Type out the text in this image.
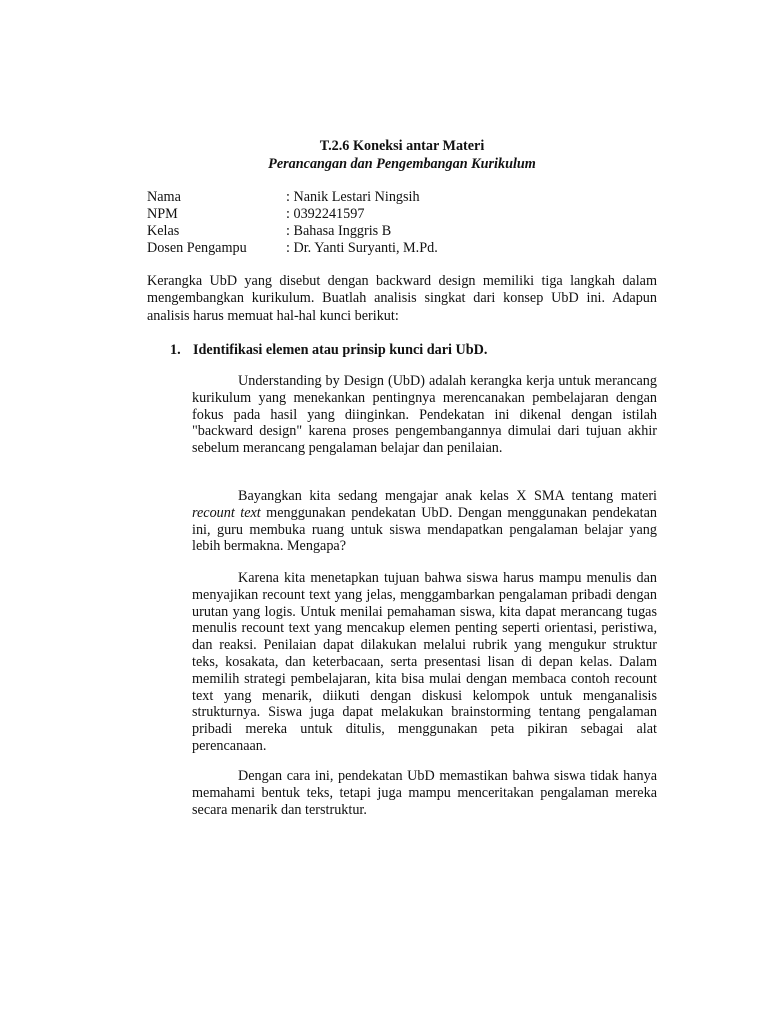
T.2.6 Koneksi antar Materi
Perancangan dan Pengembangan Kurikulum
Nama	: Nanik Lestari Ningsih
NPM	: 0392241597
Kelas	: Bahasa Inggris B
Dosen Pengampu	: Dr. Yanti Suryanti, M.Pd.
Kerangka UbD yang disebut dengan backward design memiliki tiga langkah dalam mengembangkan kurikulum. Buatlah analisis singkat dari konsep UbD ini. Adapun analisis harus memuat hal-hal kunci berikut:
1. Identifikasi elemen atau prinsip kunci dari UbD.

Understanding by Design (UbD) adalah kerangka kerja untuk merancang kurikulum yang menekankan pentingnya merencanakan pembelajaran dengan fokus pada hasil yang diinginkan. Pendekatan ini dikenal dengan istilah "backward design" karena proses pengembangannya dimulai dari tujuan akhir sebelum merancang pengalaman belajar dan penilaian.

Bayangkan kita sedang mengajar anak kelas X SMA tentang materi recount text menggunakan pendekatan UbD. Dengan menggunakan pendekatan ini, guru membuka ruang untuk siswa mendapatkan pengalaman belajar yang lebih bermakna. Mengapa?

Karena kita menetapkan tujuan bahwa siswa harus mampu menulis dan menyajikan recount text yang jelas, menggambarkan pengalaman pribadi dengan urutan yang logis. Untuk menilai pemahaman siswa, kita dapat merancang tugas menulis recount text yang mencakup elemen penting seperti orientasi, peristiwa, dan reaksi. Penilaian dapat dilakukan melalui rubrik yang mengukur struktur teks, kosakata, dan keterbacaan, serta presentasi lisan di depan kelas. Dalam memilih strategi pembelajaran, kita bisa mulai dengan membaca contoh recount text yang menarik, diikuti dengan diskusi kelompok untuk menganalisis strukturnya. Siswa juga dapat melakukan brainstorming tentang pengalaman pribadi mereka untuk ditulis, menggunakan peta pikiran sebagai alat perencanaan.

Dengan cara ini, pendekatan UbD memastikan bahwa siswa tidak hanya memahami bentuk teks, tetapi juga mampu menceritakan pengalaman mereka secara menarik dan terstruktur.
